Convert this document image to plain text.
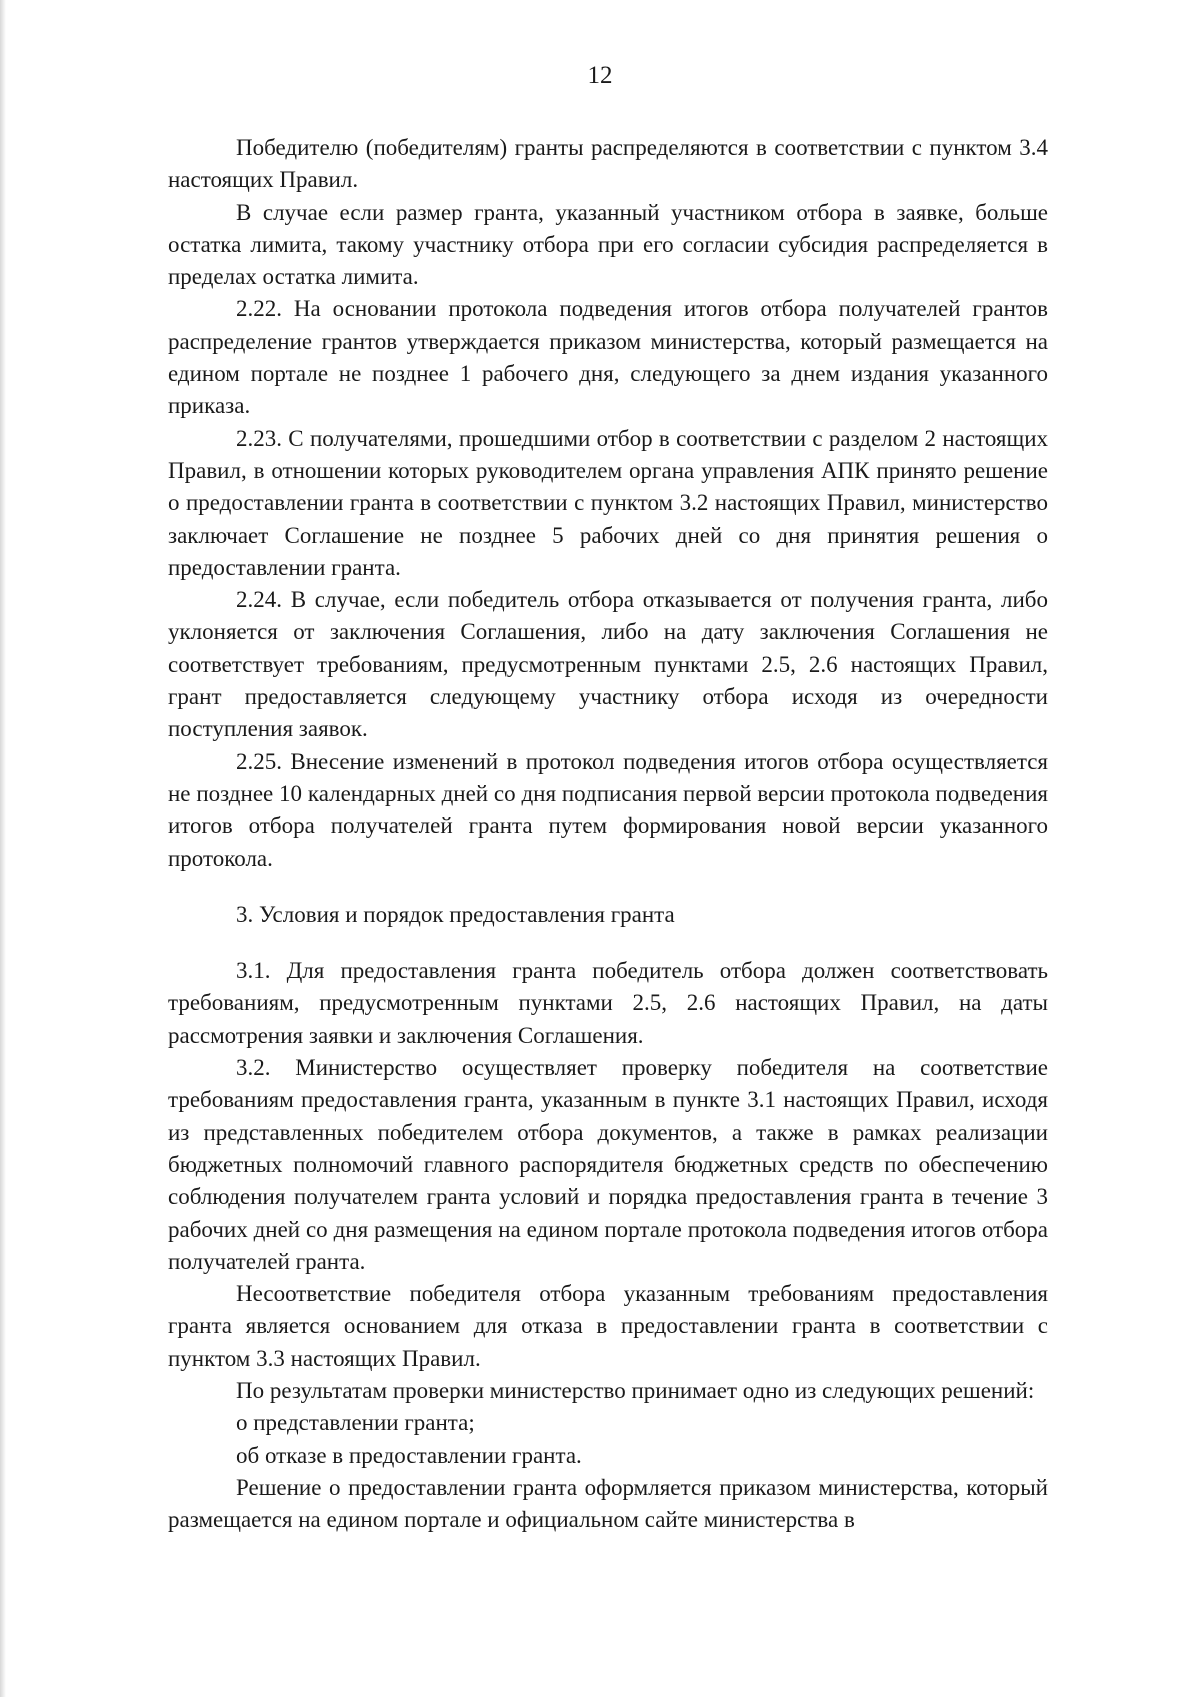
12

Победителю (победителям) гранты распределяются в соответствии с пунктом 3.4 настоящих Правил.

В случае если размер гранта, указанный участником отбора в заявке, больше остатка лимита, такому участнику отбора при его согласии субсидия распределяется в пределах остатка лимита.

2.22. На основании протокола подведения итогов отбора получателей грантов распределение грантов утверждается приказом министерства, который размещается на едином портале не позднее 1 рабочего дня, следующего за днем издания указанного приказа.

2.23. С получателями, прошедшими отбор в соответствии с разделом 2 настоящих Правил, в отношении которых руководителем органа управления АПК принято решение о предоставлении гранта в соответствии с пунктом 3.2 настоящих Правил, министерство заключает Соглашение не позднее 5 рабочих дней со дня принятия решения о предоставлении гранта.

2.24. В случае, если победитель отбора отказывается от получения гранта, либо уклоняется от заключения Соглашения, либо на дату заключения Соглашения не соответствует требованиям, предусмотренным пунктами 2.5, 2.6 настоящих Правил, грант предоставляется следующему участнику отбора исходя из очередности поступления заявок.

2.25. Внесение изменений в протокол подведения итогов отбора осуществляется не позднее 10 календарных дней со дня подписания первой версии протокола подведения итогов отбора получателей гранта путем формирования новой версии указанного протокола.

3. Условия и порядок предоставления гранта

3.1. Для предоставления гранта победитель отбора должен соответствовать требованиям, предусмотренным пунктами 2.5, 2.6 настоящих Правил, на даты рассмотрения заявки и заключения Соглашения.

3.2. Министерство осуществляет проверку победителя на соответствие требованиям предоставления гранта, указанным в пункте 3.1 настоящих Правил, исходя из представленных победителем отбора документов, а также в рамках реализации бюджетных полномочий главного распорядителя бюджетных средств по обеспечению соблюдения получателем гранта условий и порядка предоставления гранта в течение 3 рабочих дней со дня размещения на едином портале протокола подведения итогов отбора получателей гранта.

Несоответствие победителя отбора указанным требованиям предоставления гранта является основанием для отказа в предоставлении гранта в соответствии с пунктом 3.3 настоящих Правил.

По результатам проверки министерство принимает одно из следующих решений:

о представлении гранта;

об отказе в предоставлении гранта.

Решение о предоставлении гранта оформляется приказом министерства, который размещается на едином портале и официальном сайте министерства в
